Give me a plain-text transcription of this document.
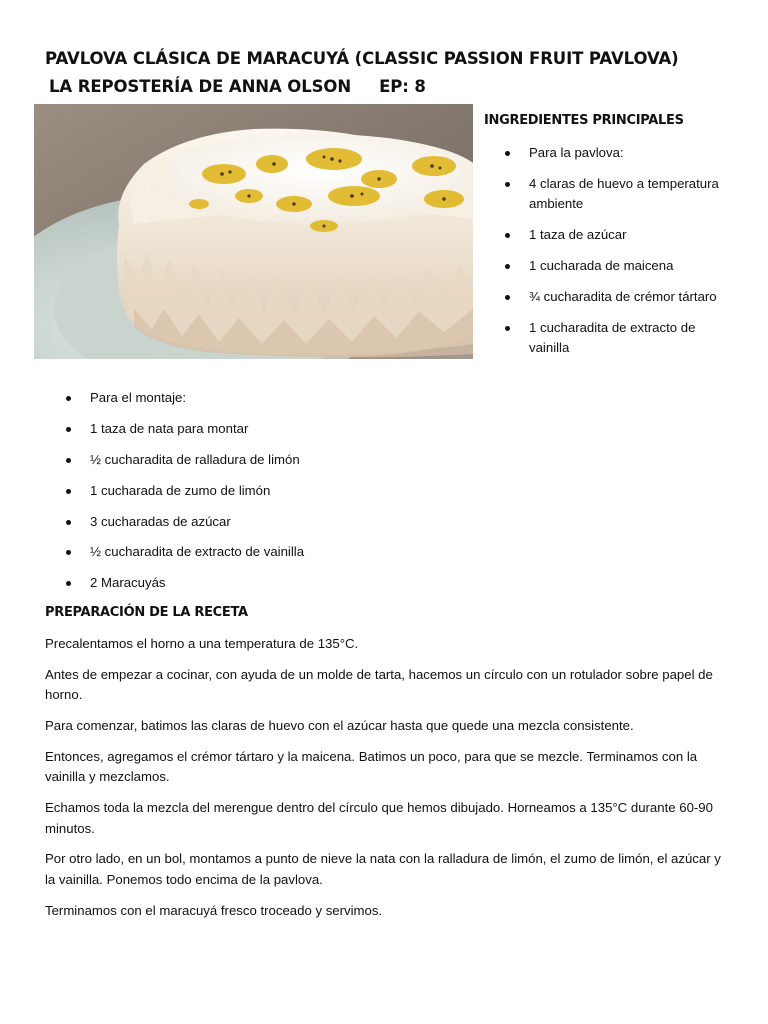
PAVLOVA CLÁSICA DE MARACUYÁ (CLASSIC PASSION FRUIT PAVLOVA)
LA REPOSTERÍA DE ANNA OLSON EP: 8
INGREDIENTES PRINCIPALES
Para la pavlova:
4 claras de huevo a temperatura ambiente
1 taza de azúcar
1 cucharada de maicena
¾ cucharadita de crémor tártaro
1 cucharadita de extracto de vainilla
Para el montaje:
1 taza de nata para montar
½ cucharadita de ralladura de limón
1 cucharada de zumo de limón
3 cucharadas de azúcar
½ cucharadita de extracto de vainilla
2 Maracuyás
PREPARACIÓN DE LA RECETA

Precalentamos el horno a una temperatura de 135°C.

Antes de empezar a cocinar, con ayuda de un molde de tarta, hacemos un círculo con un rotulador sobre papel de horno.

Para comenzar, batimos las claras de huevo con el azúcar hasta que quede una mezcla consistente.

Entonces, agregamos el crémor tártaro y la maicena. Batimos un poco, para que se mezcle. Terminamos con la vainilla y mezclamos.

Echamos toda la mezcla del merengue dentro del círculo que hemos dibujado. Horneamos a 135°C durante 60-90 minutos.

Por otro lado, en un bol, montamos a punto de nieve la nata con la ralladura de limón, el zumo de limón, el azúcar y la vainilla. Ponemos todo encima de la pavlova.

Terminamos con el maracuyá fresco troceado y servimos.
